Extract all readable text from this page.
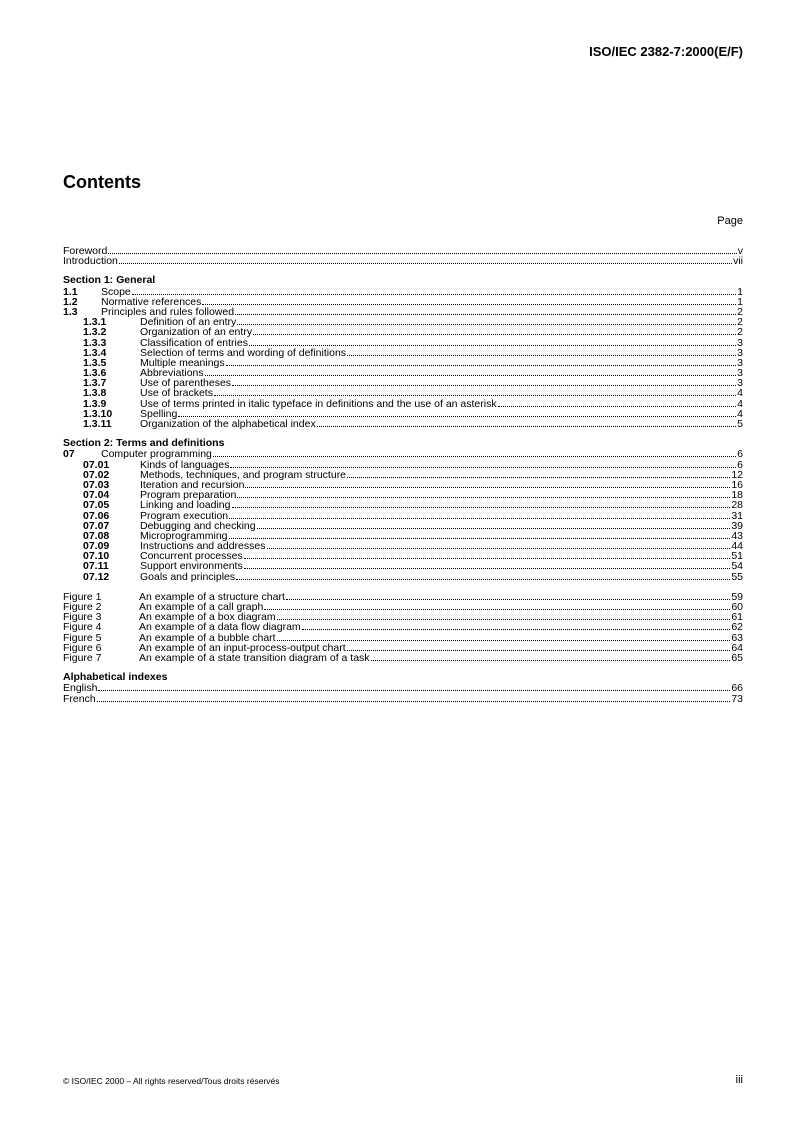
ISO/IEC 2382-7:2000(E/F)
Contents
Page
Foreword	v
Introduction	vii
Section 1: General
1.1	Scope	1
1.2	Normative references	1
1.3	Principles and rules followed	2
1.3.1	Definition of an entry	2
1.3.2	Organization of an entry	2
1.3.3	Classification of entries	3
1.3.4	Selection of terms and wording of definitions	3
1.3.5	Multiple meanings	3
1.3.6	Abbreviations	3
1.3.7	Use of parentheses	3
1.3.8	Use of brackets	4
1.3.9	Use of terms printed in italic typeface in definitions and the use of an asterisk	4
1.3.10	Spelling	4
1.3.11	Organization of the alphabetical index	5
Section 2: Terms and definitions
07	Computer programming	6
07.01	Kinds of languages	6
07.02	Methods, techniques, and program structure	12
07.03	Iteration and recursion	16
07.04	Program preparation	18
07.05	Linking and loading	28
07.06	Program execution	31
07.07	Debugging and checking	39
07.08	Microprogramming	43
07.09	Instructions and addresses	44
07.10	Concurrent processes	51
07.11	Support environments	54
07.12	Goals and principles	55
Figure 1	An example of a structure chart	59
Figure 2	An example of a call graph	60
Figure 3	An example of a box diagram	61
Figure 4	An example of a data flow diagram	62
Figure 5	An example of a bubble chart	63
Figure 6	An example of an input-process-output chart	64
Figure 7	An example of a state transition diagram of a task	65
Alphabetical indexes
English	66
French	73
© ISO/IEC 2000 – All rights reserved/Tous droits réservés	iii
